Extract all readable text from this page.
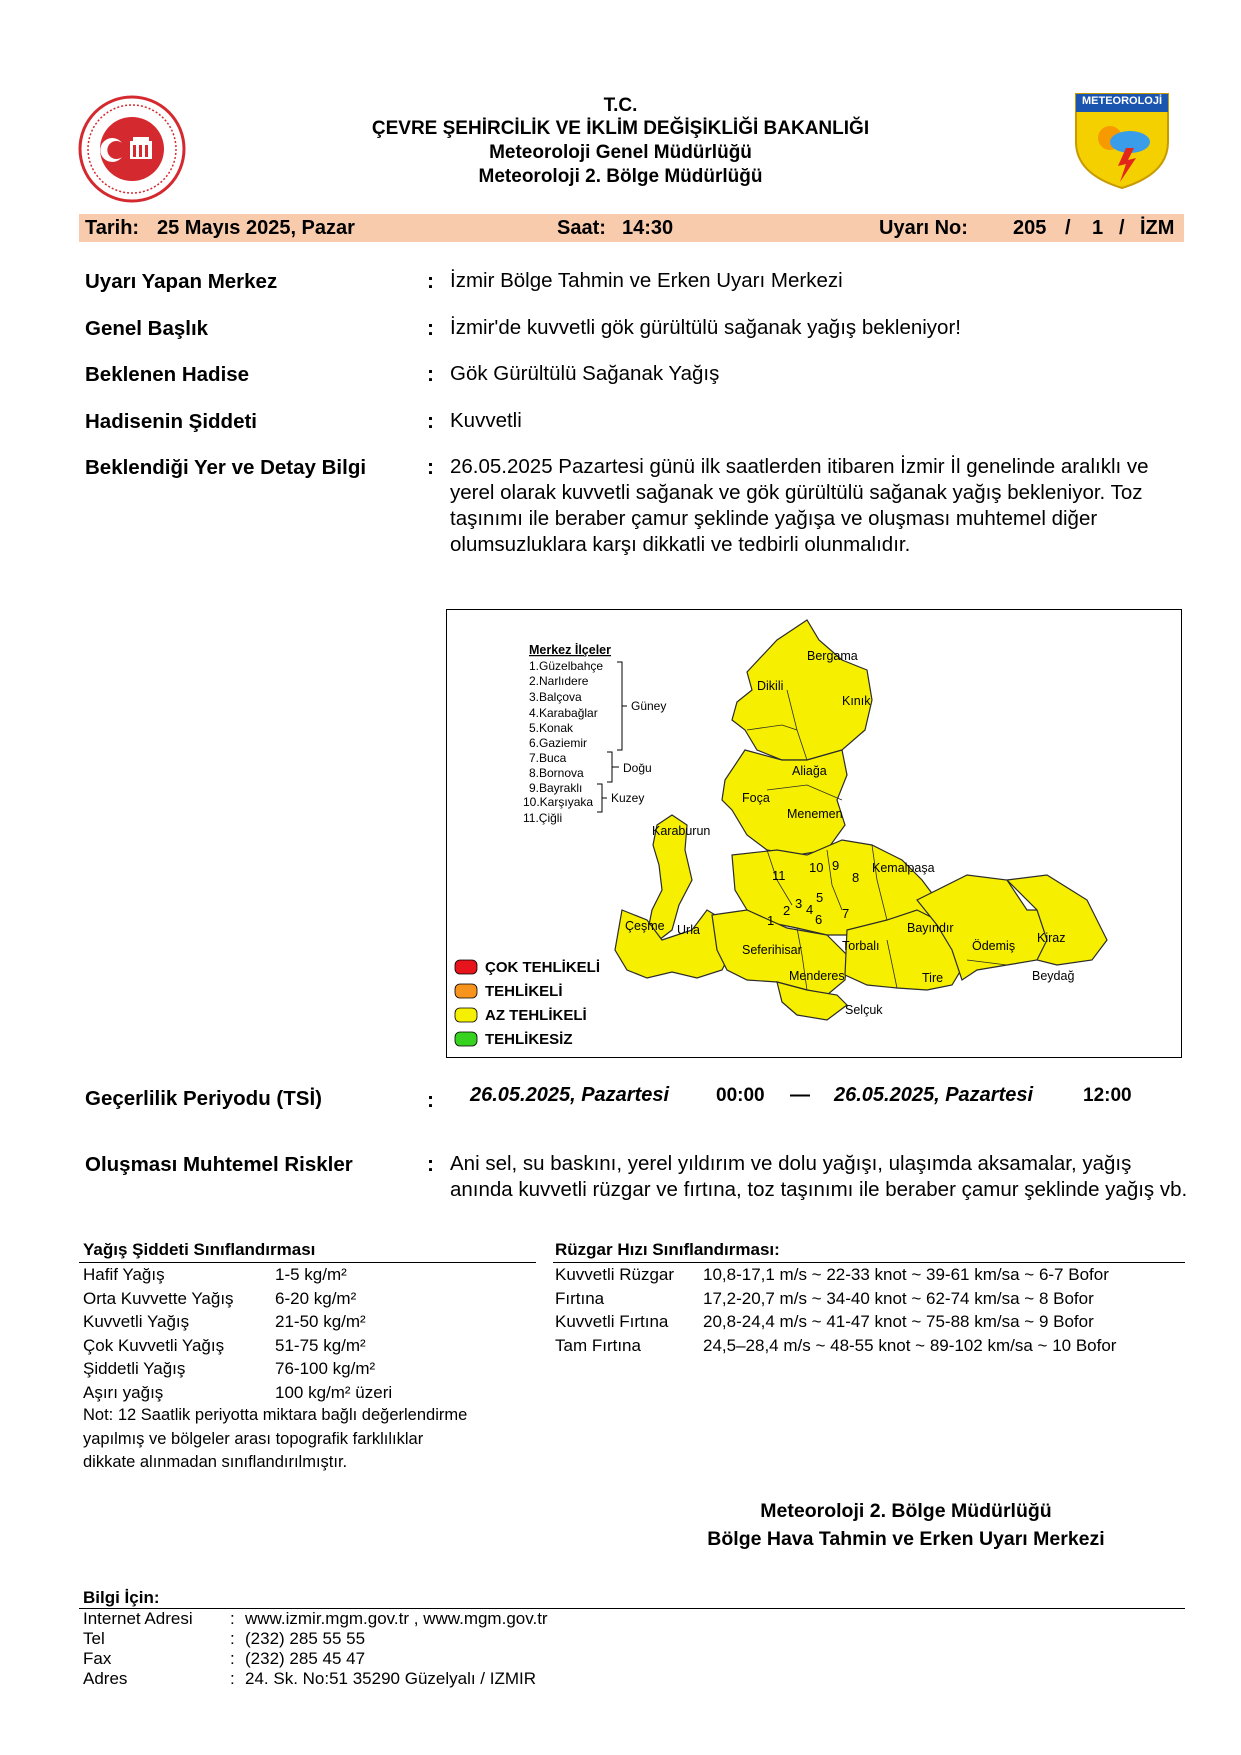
METEOROLOJİ
T.C.
ÇEVRE ŞEHİRCİLİK VE İKLİM DEĞİŞİKLİĞİ BAKANLIĞI
Meteoroloji Genel Müdürlüğü
Meteoroloji 2. Bölge Müdürlüğü
Tarih: 25 Mayıs 2025, Pazar	Saat: 14:30	Uyarı No: 205 / 1 / İZM
Uyarı Yapan Merkez	: İzmir Bölge Tahmin ve Erken Uyarı Merkezi
Genel Başlık	: İzmir'de kuvvetli gök gürültülü sağanak yağış bekleniyor!
Beklenen Hadise	: Gök Gürültülü Sağanak Yağış
Hadisenin Şiddeti	: Kuvvetli
Beklendiği Yer ve Detay Bilgi	: 26.05.2025 Pazartesi günü ilk saatlerden itibaren İzmir İl genelinde aralıklı ve yerel olarak kuvvetli sağanak ve gök gürültülü sağanak yağış bekleniyor. Toz taşınımı ile beraber çamur şeklinde yağışa ve oluşması muhtemel diğer olumsuzluklara karşı dikkatli ve tedbirli olunmalıdır.
Bergama
Dikili
Kınık
Aliağa
Foça
Menemen
Karaburun
Kemalpaşa
Çeşme Urla
Seferihisar	Torbalı
Bayındır
Ödemiş
Kiraz
Menderes	Tire	Beydağ
Selçuk
11
10 9
8
1
2 3 4
5
6 7
Merkez İlçeler
1.Güzelbahçe
2.Narlıdere
3.Balçova
4.Karabağlar
5.Konak
6.Gaziemir
7.Buca
8.Bornova
9.Bayraklı
10.Karşıyaka
11.Çiğli
Güney
Doğu
Kuzey
ÇOK TEHLİKELİ
TEHLİKELİ
AZ TEHLİKELİ
TEHLİKESİZ
Geçerlilik Periyodu (TSİ)	: 26.05.2025, Pazartesi 00:00 — 26.05.2025, Pazartesi	12:00
Oluşması Muhtemel Riskler	: Ani sel, su baskını, yerel yıldırım ve dolu yağışı, ulaşımda aksamalar, yağış anında kuvvetli rüzgar ve fırtına, toz taşınımı ile beraber çamur şeklinde yağış vb.
Yağış Şiddeti Sınıflandırması
Hafif Yağış	1-5 kg/m²
Orta Kuvvette Yağış 6-20 kg/m²
Kuvvetli Yağış	21-50 kg/m²
Çok Kuvvetli Yağış	51-75 kg/m²
Şiddetli Yağış	76-100 kg/m²
Aşırı yağış	100 kg/m² üzeri
Not: 12 Saatlik periyotta miktara bağlı değerlendirme
yapılmış ve bölgeler arası topografik farklılıklar
dikkate alınmadan sınıflandırılmıştır.
Rüzgar Hızı Sınıflandırması:
Kuvvetli Rüzgar 10,8-17,1 m/s ~ 22-33 knot ~ 39-61 km/sa ~ 6-7 Bofor
Fırtına	17,2-20,7 m/s ~ 34-40 knot ~ 62-74 km/sa ~ 8 Bofor
Kuvvetli Fırtına 20,8-24,4 m/s ~ 41-47 knot ~ 75-88 km/sa ~ 9 Bofor
Tam Fırtına	24,5–28,4 m/s ~ 48-55 knot ~ 89-102 km/sa ~ 10 Bofor
Meteoroloji 2. Bölge Müdürlüğü
Bölge Hava Tahmin ve Erken Uyarı Merkezi
Bilgi İçin:
Internet Adresi : www.izmir.mgm.gov.tr , www.mgm.gov.tr
Tel	: (232) 285 55 55
Fax	: (232) 285 45 47
Adres	: 24. Sk. No:51 35290 Güzelyalı / IZMIR
